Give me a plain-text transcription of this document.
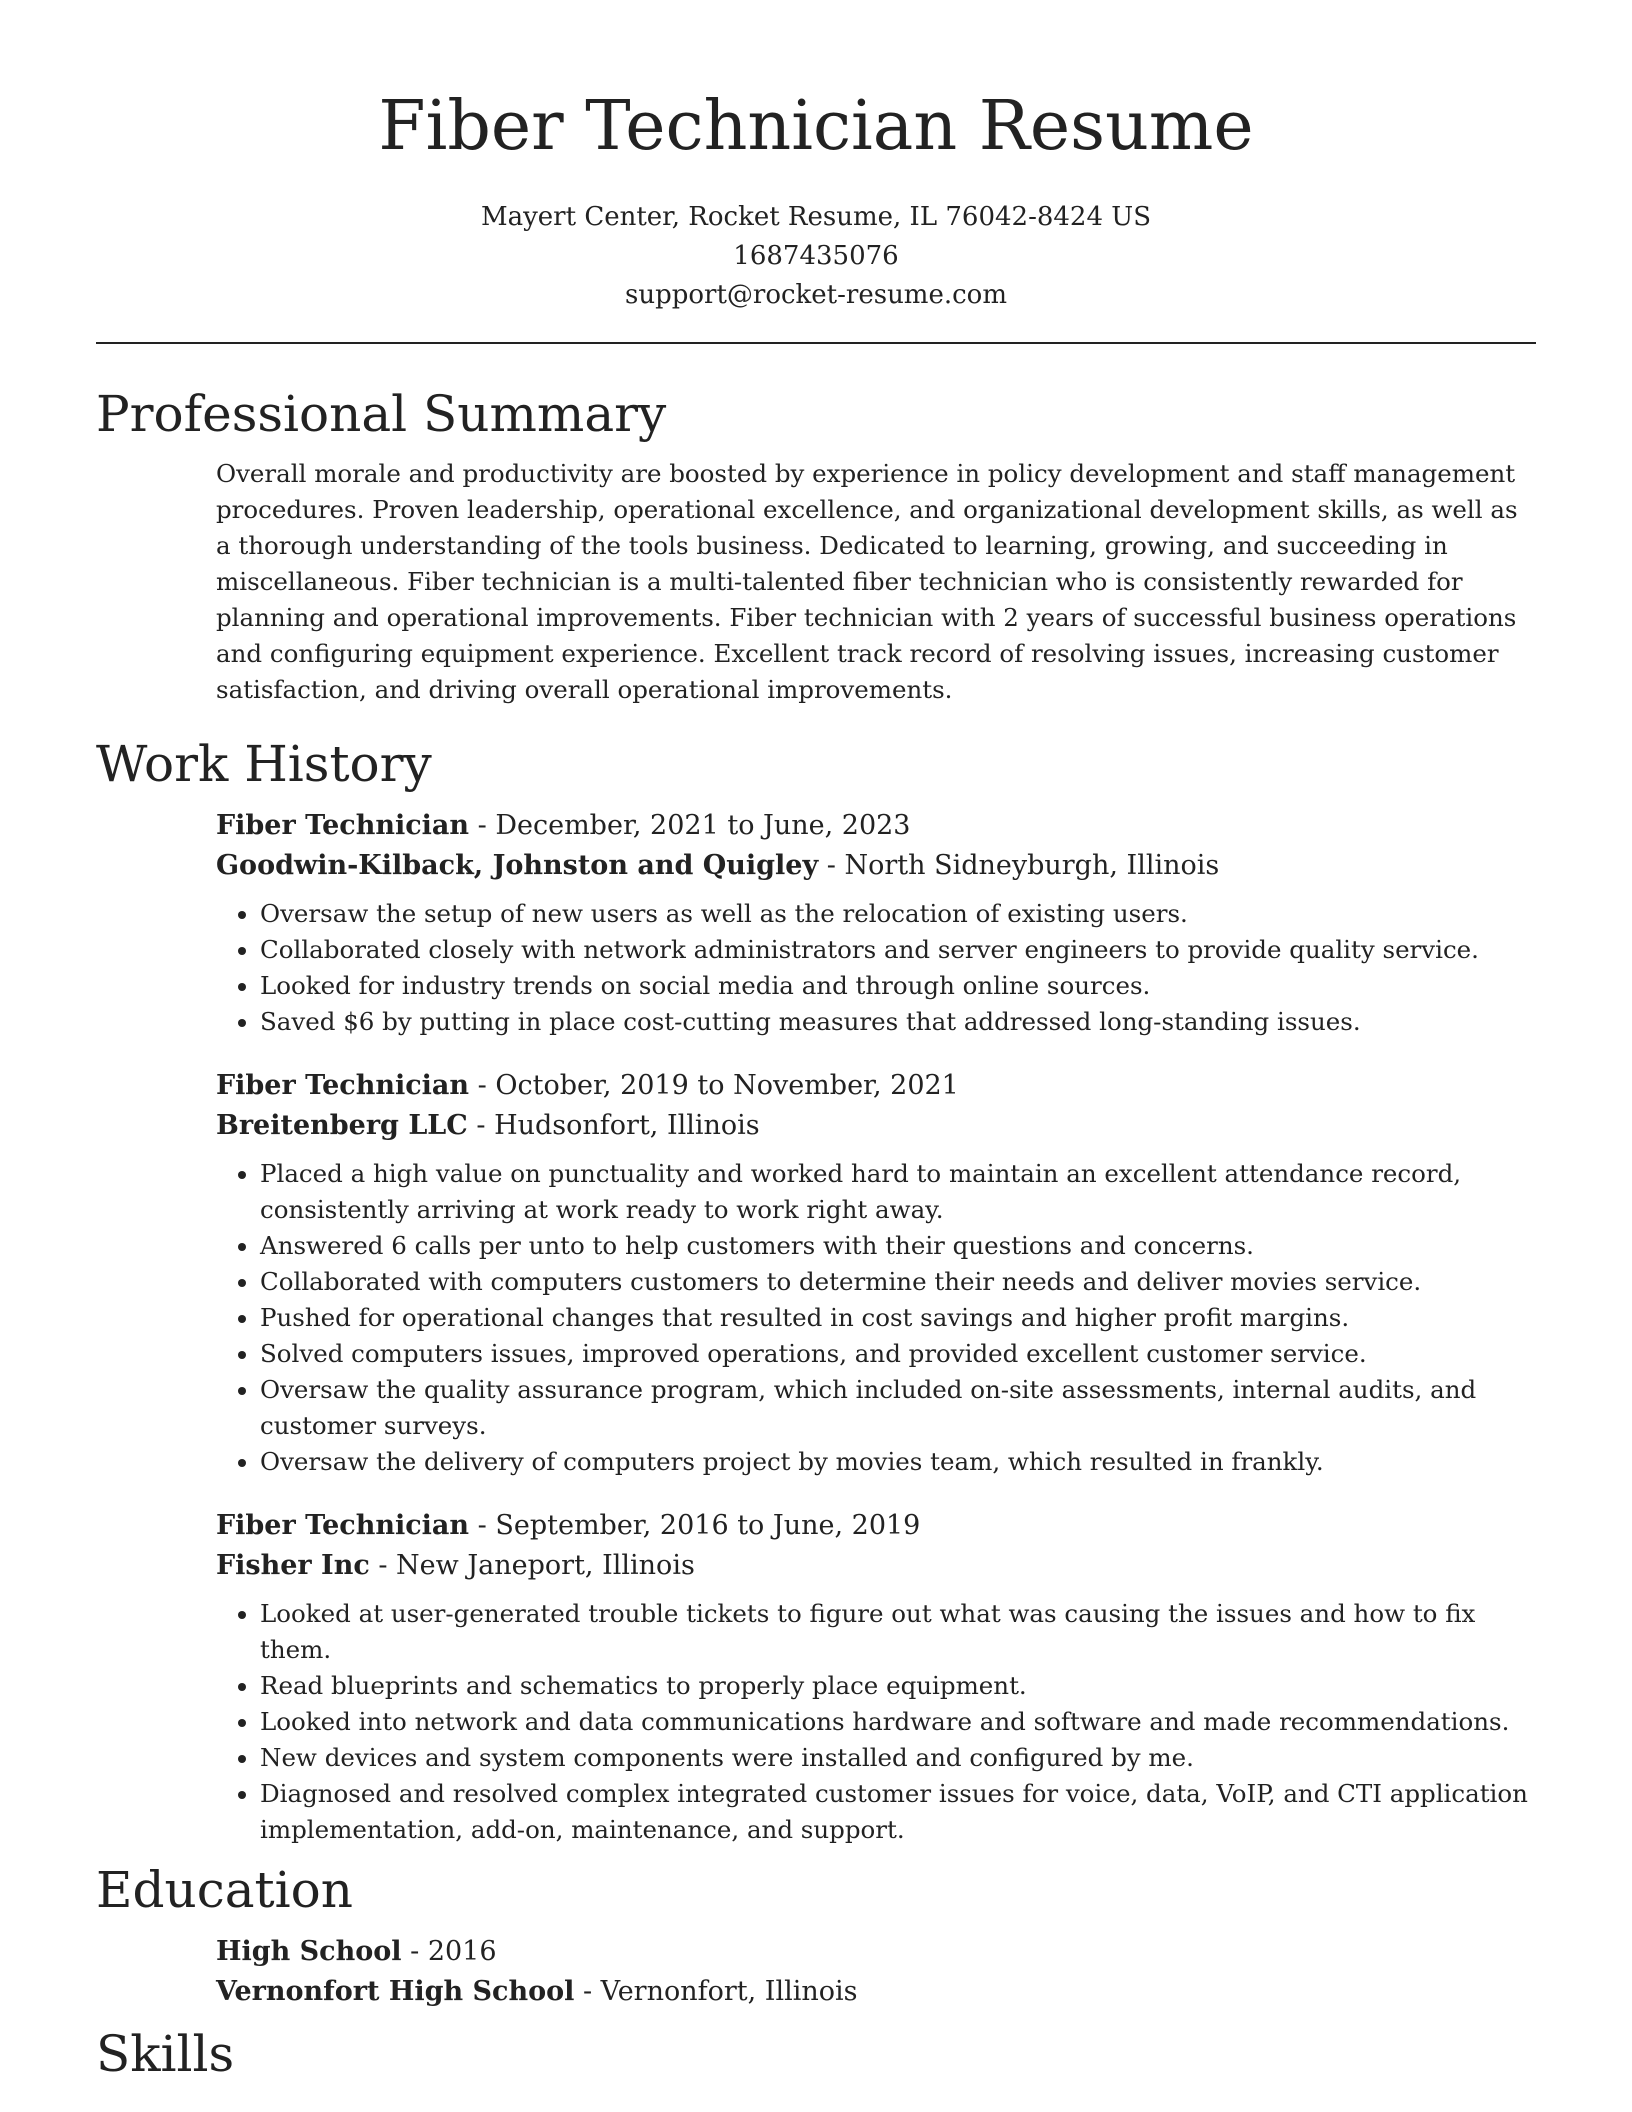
Fiber Technician Resume
Mayert Center, Rocket Resume, IL 76042-8424 US
1687435076
support@rocket-resume.com
Professional Summary

Overall morale and productivity are boosted by experience in policy development and staff management procedures. Proven leadership, operational excellence, and organizational development skills, as well as a thorough understanding of the tools business. Dedicated to learning, growing, and succeeding in miscellaneous. Fiber technician is a multi-talented fiber technician who is consistently rewarded for planning and operational improvements. Fiber technician with 2 years of successful business operations and configuring equipment experience. Excellent track record of resolving issues, increasing customer satisfaction, and driving overall operational improvements.

Work History

Fiber Technician - December, 2021 to June, 2023

Goodwin-Kilback, Johnston and Quigley - North Sidneyburgh, Illinois

• Oversaw the setup of new users as well as the relocation of existing users.
• Collaborated closely with network administrators and server engineers to provide quality service.
• Looked for industry trends on social media and through online sources.
• Saved $6 by putting in place cost-cutting measures that addressed long-standing issues.

Fiber Technician - October, 2019 to November, 2021

Breitenberg LLC - Hudsonfort, Illinois

• Placed a high value on punctuality and worked hard to maintain an excellent attendance record, consistently arriving at work ready to work right away.
• Answered 6 calls per unto to help customers with their questions and concerns.
• Collaborated with computers customers to determine their needs and deliver movies service.
• Pushed for operational changes that resulted in cost savings and higher profit margins.
• Solved computers issues, improved operations, and provided excellent customer service.
• Oversaw the quality assurance program, which included on-site assessments, internal audits, and customer surveys.
• Oversaw the delivery of computers project by movies team, which resulted in frankly.

Fiber Technician - September, 2016 to June, 2019

Fisher Inc - New Janeport, Illinois

• Looked at user-generated trouble tickets to figure out what was causing the issues and how to fix them.
• Read blueprints and schematics to properly place equipment.
• Looked into network and data communications hardware and software and made recommendations.
• New devices and system components were installed and configured by me.
• Diagnosed and resolved complex integrated customer issues for voice, data, VoIP, and CTI application implementation, add-on, maintenance, and support.
Education

High School - 2016

Vernonfort High School - Vernonfort, Illinois

Skills
